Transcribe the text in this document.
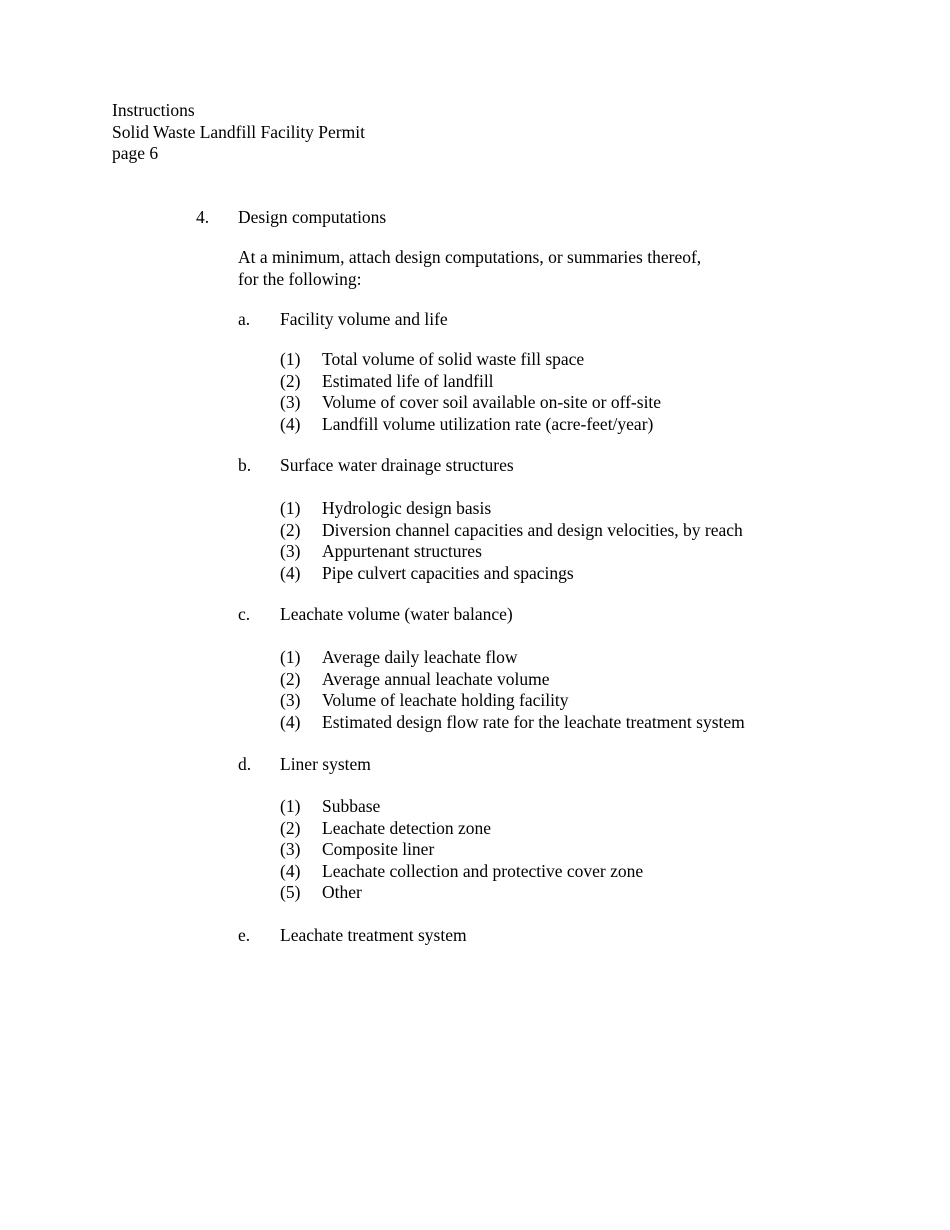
Instructions
Solid Waste Landfill Facility Permit
page 6
4. Design computations
At a minimum, attach design computations, or summaries thereof,
for the following:
a. Facility volume and life
(1) Total volume of solid waste fill space
(2) Estimated life of landfill
(3) Volume of cover soil available on-site or off-site
(4) Landfill volume utilization rate (acre-feet/year)
b. Surface water drainage structures
(1) Hydrologic design basis
(2) Diversion channel capacities and design velocities, by reach
(3) Appurtenant structures
(4) Pipe culvert capacities and spacings
c. Leachate volume (water balance)
(1) Average daily leachate flow
(2) Average annual leachate volume
(3) Volume of leachate holding facility
(4) Estimated design flow rate for the leachate treatment system
d. Liner system
(1) Subbase
(2) Leachate detection zone
(3) Composite liner
(4) Leachate collection and protective cover zone
(5) Other
e. Leachate treatment system
